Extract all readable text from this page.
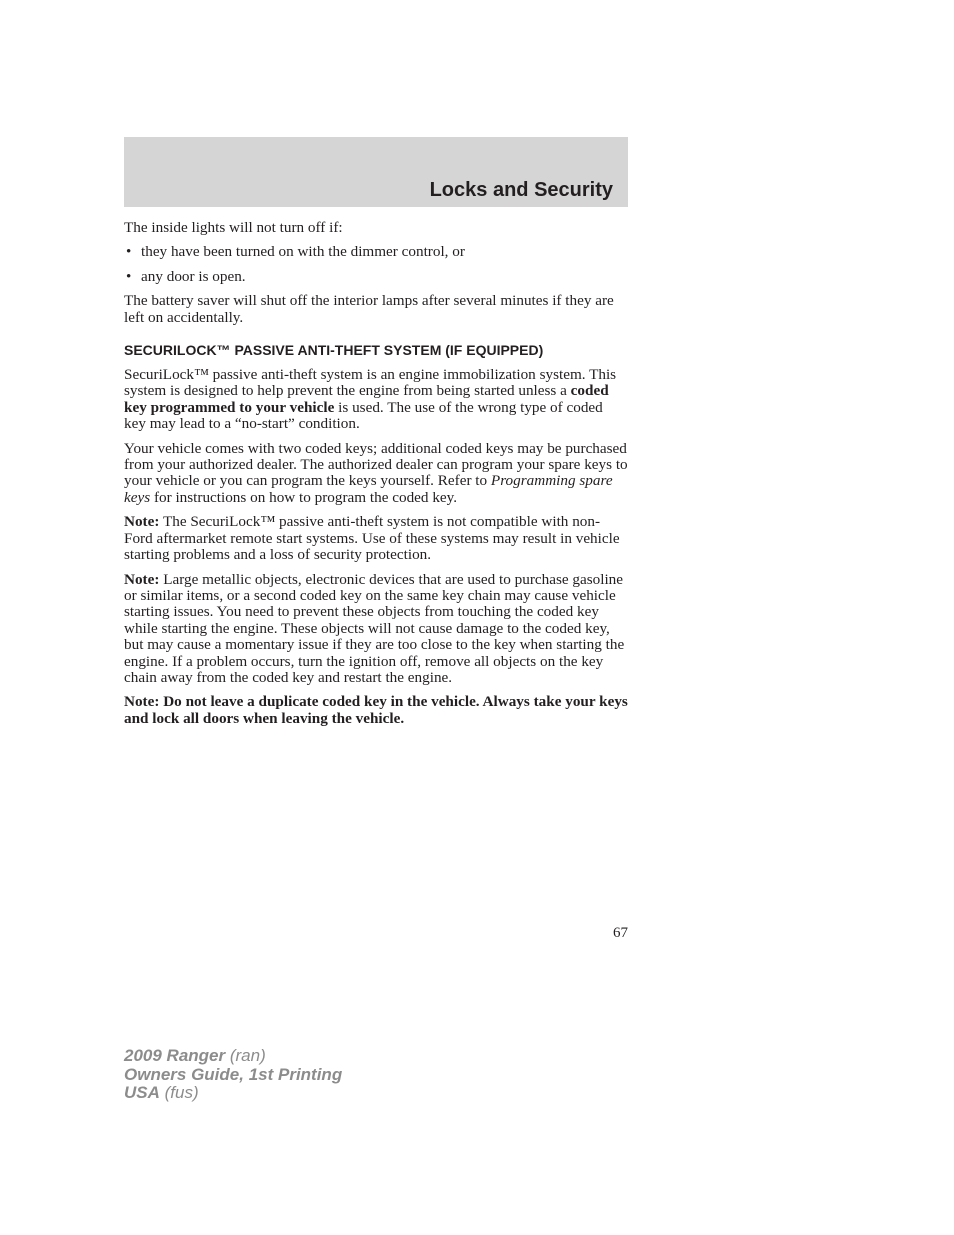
Locks and Security

The inside lights will not turn off if:

• they have been turned on with the dimmer control, or
• any door is open.

The battery saver will shut off the interior lamps after several minutes if they are left on accidentally.

SECURILOCK™ PASSIVE ANTI-THEFT SYSTEM (IF EQUIPPED)

SecuriLock™ passive anti-theft system is an engine immobilization system. This system is designed to help prevent the engine from being started unless a coded key programmed to your vehicle is used. The use of the wrong type of coded key may lead to a “no-start” condition.

Your vehicle comes with two coded keys; additional coded keys may be purchased from your authorized dealer. The authorized dealer can program your spare keys to your vehicle or you can program the keys yourself. Refer to Programming spare keys for instructions on how to program the coded key.

Note: The SecuriLock™ passive anti-theft system is not compatible with non-Ford aftermarket remote start systems. Use of these systems may result in vehicle starting problems and a loss of security protection.

Note: Large metallic objects, electronic devices that are used to purchase gasoline or similar items, or a second coded key on the same key chain may cause vehicle starting issues. You need to prevent these objects from touching the coded key while starting the engine. These objects will not cause damage to the coded key, but may cause a momentary issue if they are too close to the key when starting the engine. If a problem occurs, turn the ignition off, remove all objects on the key chain away from the coded key and restart the engine.

Note: Do not leave a duplicate coded key in the vehicle. Always take your keys and lock all doors when leaving the vehicle.

67
2009 Ranger (ran)
Owners Guide, 1st Printing
USA (fus)
